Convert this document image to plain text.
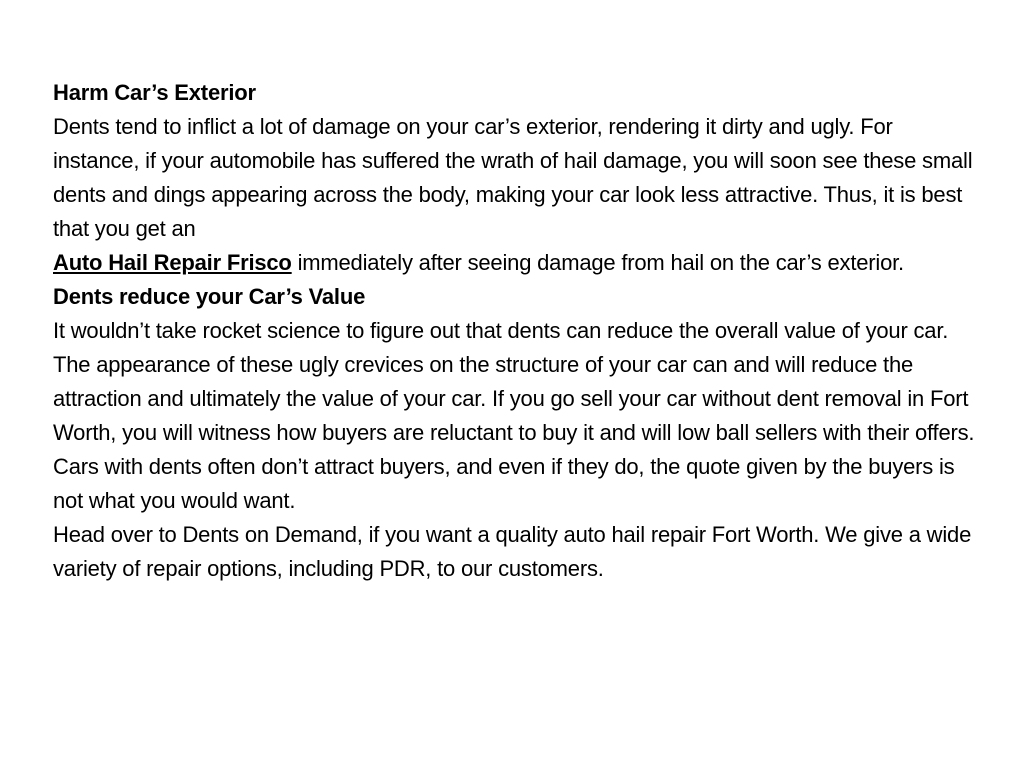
Harm Car’s Exterior

Dents tend to inflict a lot of damage on your car’s exterior, rendering it dirty and ugly. For instance, if your automobile has suffered the wrath of hail damage, you will soon see these small dents and dings appearing across the body, making your car look less attractive. Thus, it is best that you get an
Auto Hail Repair Frisco immediately after seeing damage from hail on the car’s exterior.

Dents reduce your Car’s Value

It wouldn’t take rocket science to figure out that dents can reduce the overall value of your car. The appearance of these ugly crevices on the structure of your car can and will reduce the attraction and ultimately the value of your car. If you go sell your car without dent removal in Fort Worth, you will witness how buyers are reluctant to buy it and will low ball sellers with their offers. Cars with dents often don’t attract buyers, and even if they do, the quote given by the buyers is not what you would want.

Head over to Dents on Demand, if you want a quality auto hail repair Fort Worth. We give a wide variety of repair options, including PDR, to our customers.
